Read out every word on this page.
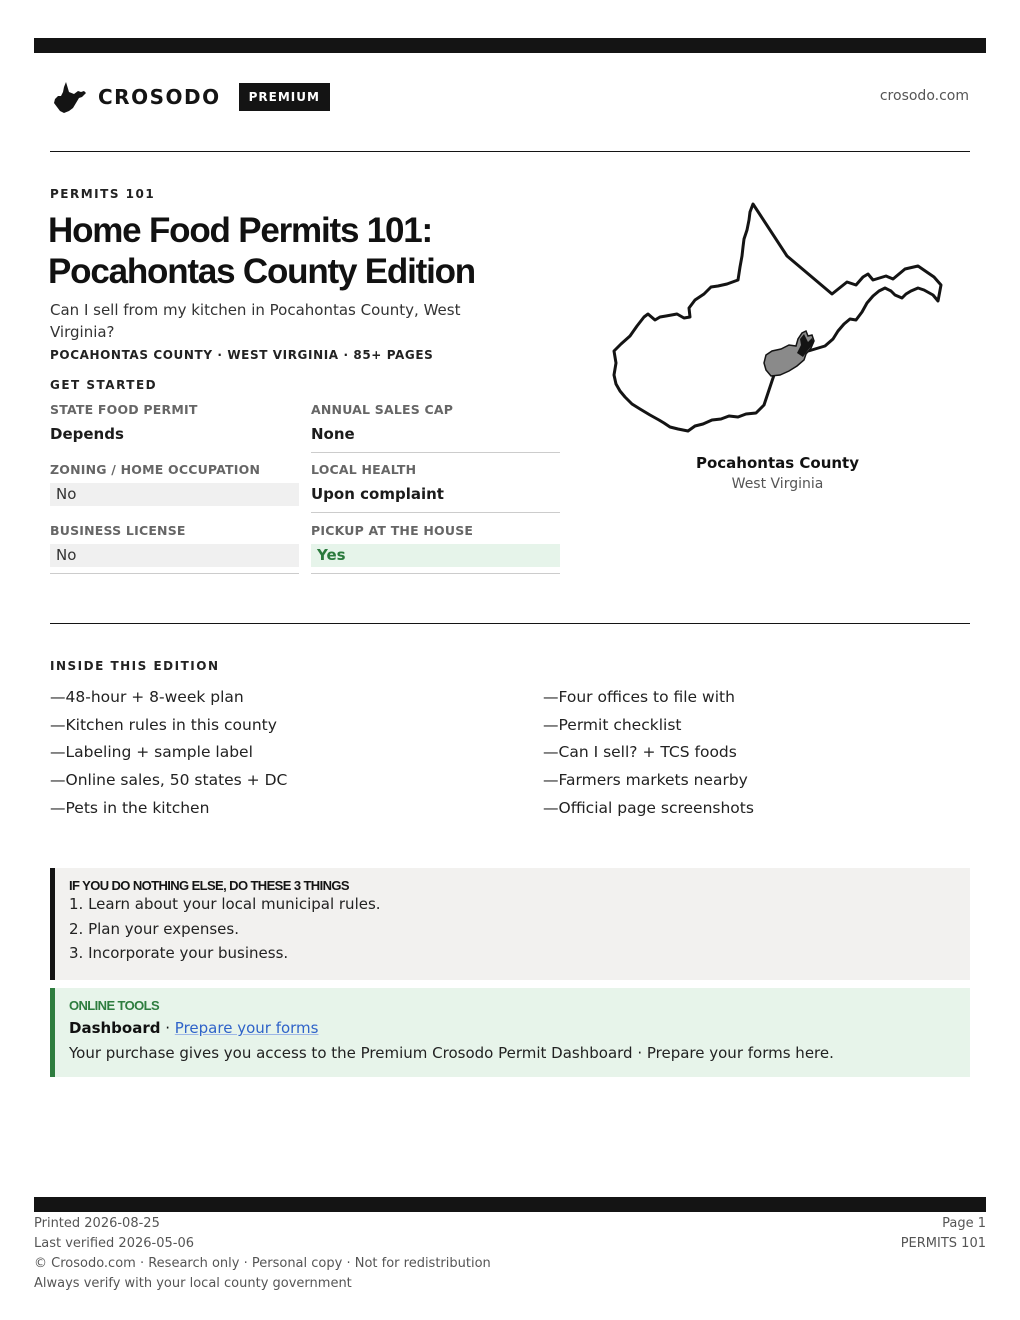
CROSODO	PREMIUM	crosodo.com
PERMITS 101
Home Food Permits 101:
Pocahontas County Edition

Can I sell from my kitchen in Pocahontas County, West Virginia?

POCAHONTAS COUNTY · WEST VIRGINIA · 85+ PAGES
GET STARTED
STATE FOOD PERMIT
Depends
ANNUAL SALES CAP
None
ZONING / HOME OCCUPATION
No
LOCAL HEALTH
Upon complaint
BUSINESS LICENSE
No
PICKUP AT THE HOUSE
Yes
Pocahontas County
West Virginia
INSIDE THIS EDITION
—48-hour + 8-week plan
—Kitchen rules in this county
—Labeling + sample label
—Online sales, 50 states + DC
—Pets in the kitchen
—Four offices to file with
—Permit checklist
—Can I sell? + TCS foods
—Farmers markets nearby
—Official page screenshots
IF YOU DO NOTHING ELSE, DO THESE 3 THINGS
1. Learn about your local municipal rules.
2. Plan your expenses.
3. Incorporate your business.
ONLINE TOOLS
Dashboard · Prepare your forms
Your purchase gives you access to the Premium Crosodo Permit Dashboard · Prepare your forms here.
Printed 2026-08-25
Last verified 2026-05-06
© Crosodo.com · Research only · Personal copy · Not for redistribution
Always verify with your local county government
Page 1
PERMITS 101
